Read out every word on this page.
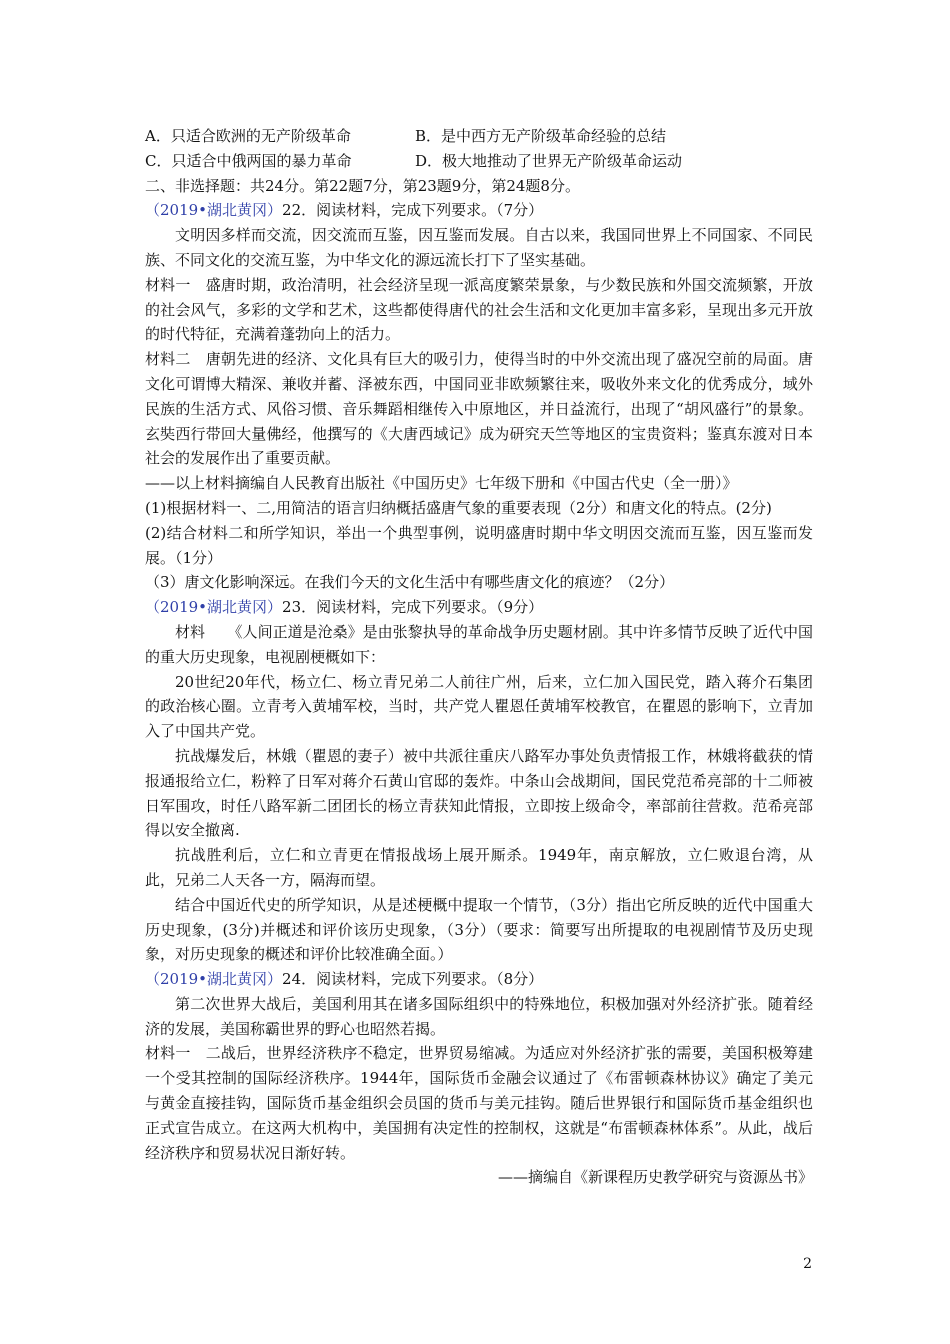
A．只适合欧洲的无产阶级革命	B．是中西方无产阶级革命经验的总结
C．只适合中俄两国的暴力革命	D．极大地推动了世界无产阶级革命运动
二、非选择题：共24分。第22题7分，第23题9分，第24题8分。
（2019•湖北黄冈）22．阅读材料，完成下列要求。（7分）
文明因多样而交流，因交流而互鉴，因互鉴而发展。自古以来，我国同世界上不同国家、不同民族、不同文化的交流互鉴，为中华文化的源远流长打下了坚实基础。
材料一　盛唐时期，政治清明，社会经济呈现一派高度繁荣景象，与少数民族和外国交流频繁，开放的社会风气，多彩的文学和艺术，这些都使得唐代的社会生活和文化更加丰富多彩，呈现出多元开放的时代特征，充满着蓬勃向上的活力。
材料二　唐朝先进的经济、文化具有巨大的吸引力，使得当时的中外交流出现了盛况空前的局面。唐文化可谓博大精深、兼收并蓄、泽被东西，中国同亚非欧频繁往来，吸收外来文化的优秀成分，域外民族的生活方式、风俗习惯、音乐舞蹈相继传入中原地区，并日益流行，出现了“胡风盛行”的景象。玄奘西行带回大量佛经，他撰写的《大唐西域记》成为研究天竺等地区的宝贵资料；鉴真东渡对日本社会的发展作出了重要贡献。
——以上材料摘编自人民教育出版社《中国历史》七年级下册和《中国古代史（全一册）》
(1)根据材料一、二,用简洁的语言归纳概括盛唐气象的重要表现（2分）和唐文化的特点。(2分)
(2)结合材料二和所学知识，举出一个典型事例，说明盛唐时期中华文明因交流而互鉴，因互鉴而发展。（1分）
（3）唐文化影响深远。在我们今天的文化生活中有哪些唐文化的痕迹？（2分）
（2019•湖北黄冈）23．阅读材料，完成下列要求。（9分）
材料　　《人间正道是沧桑》是由张黎执导的革命战争历史题材剧。其中许多情节反映了近代中国的重大历史现象，电视剧梗概如下：
20世纪20年代，杨立仁、杨立青兄弟二人前往广州，后来，立仁加入国民党，踏入蒋介石集团的政治核心圈。立青考入黄埔军校，当时，共产党人瞿恩任黄埔军校教官，在瞿恩的影响下，立青加入了中国共产党。
抗战爆发后，林娥（瞿恩的妻子）被中共派往重庆八路军办事处负责情报工作，林娥将截获的情报通报给立仁，粉粹了日军对蒋介石黄山官邸的轰炸。中条山会战期间，国民党范希亮部的十二师被日军围攻，时任八路军新二团团长的杨立青获知此情报，立即按上级命令，率部前往营救。范希亮部得以安全撤离.
抗战胜利后，立仁和立青更在情报战场上展开厮杀。1949年，南京解放，立仁败退台湾，从此，兄弟二人天各一方，隔海而望。
结合中国近代史的所学知识，从是述梗概中提取一个情节，（3分）指出它所反映的近代中国重大历史现象，(3分)并概述和评价该历史现象，（3分）（要求：简要写出所提取的电视剧情节及历史现象，对历史现象的概述和评价比较准确全面。）
（2019•湖北黄冈）24．阅读材料，完成下列要求。（8分）
第二次世界大战后，美国利用其在诸多国际组织中的特殊地位，积极加强对外经济扩张。随着经济的发展，美国称霸世界的野心也昭然若揭。
材料一　二战后，世界经济秩序不稳定，世界贸易缩减。为适应对外经济扩张的需要，美国积极筹建一个受其控制的国际经济秩序。1944年，国际货币金融会议通过了《布雷顿森林协议》确定了美元与黄金直接挂钩，国际货币基金组织会员国的货币与美元挂钩。随后世界银行和国际货币基金组织也正式宣告成立。在这两大机构中，美国拥有决定性的控制权，这就是“布雷顿森林体系”。从此，战后经济秩序和贸易状况日渐好转。
——摘编自《新课程历史教学研究与资源丛书》
2
